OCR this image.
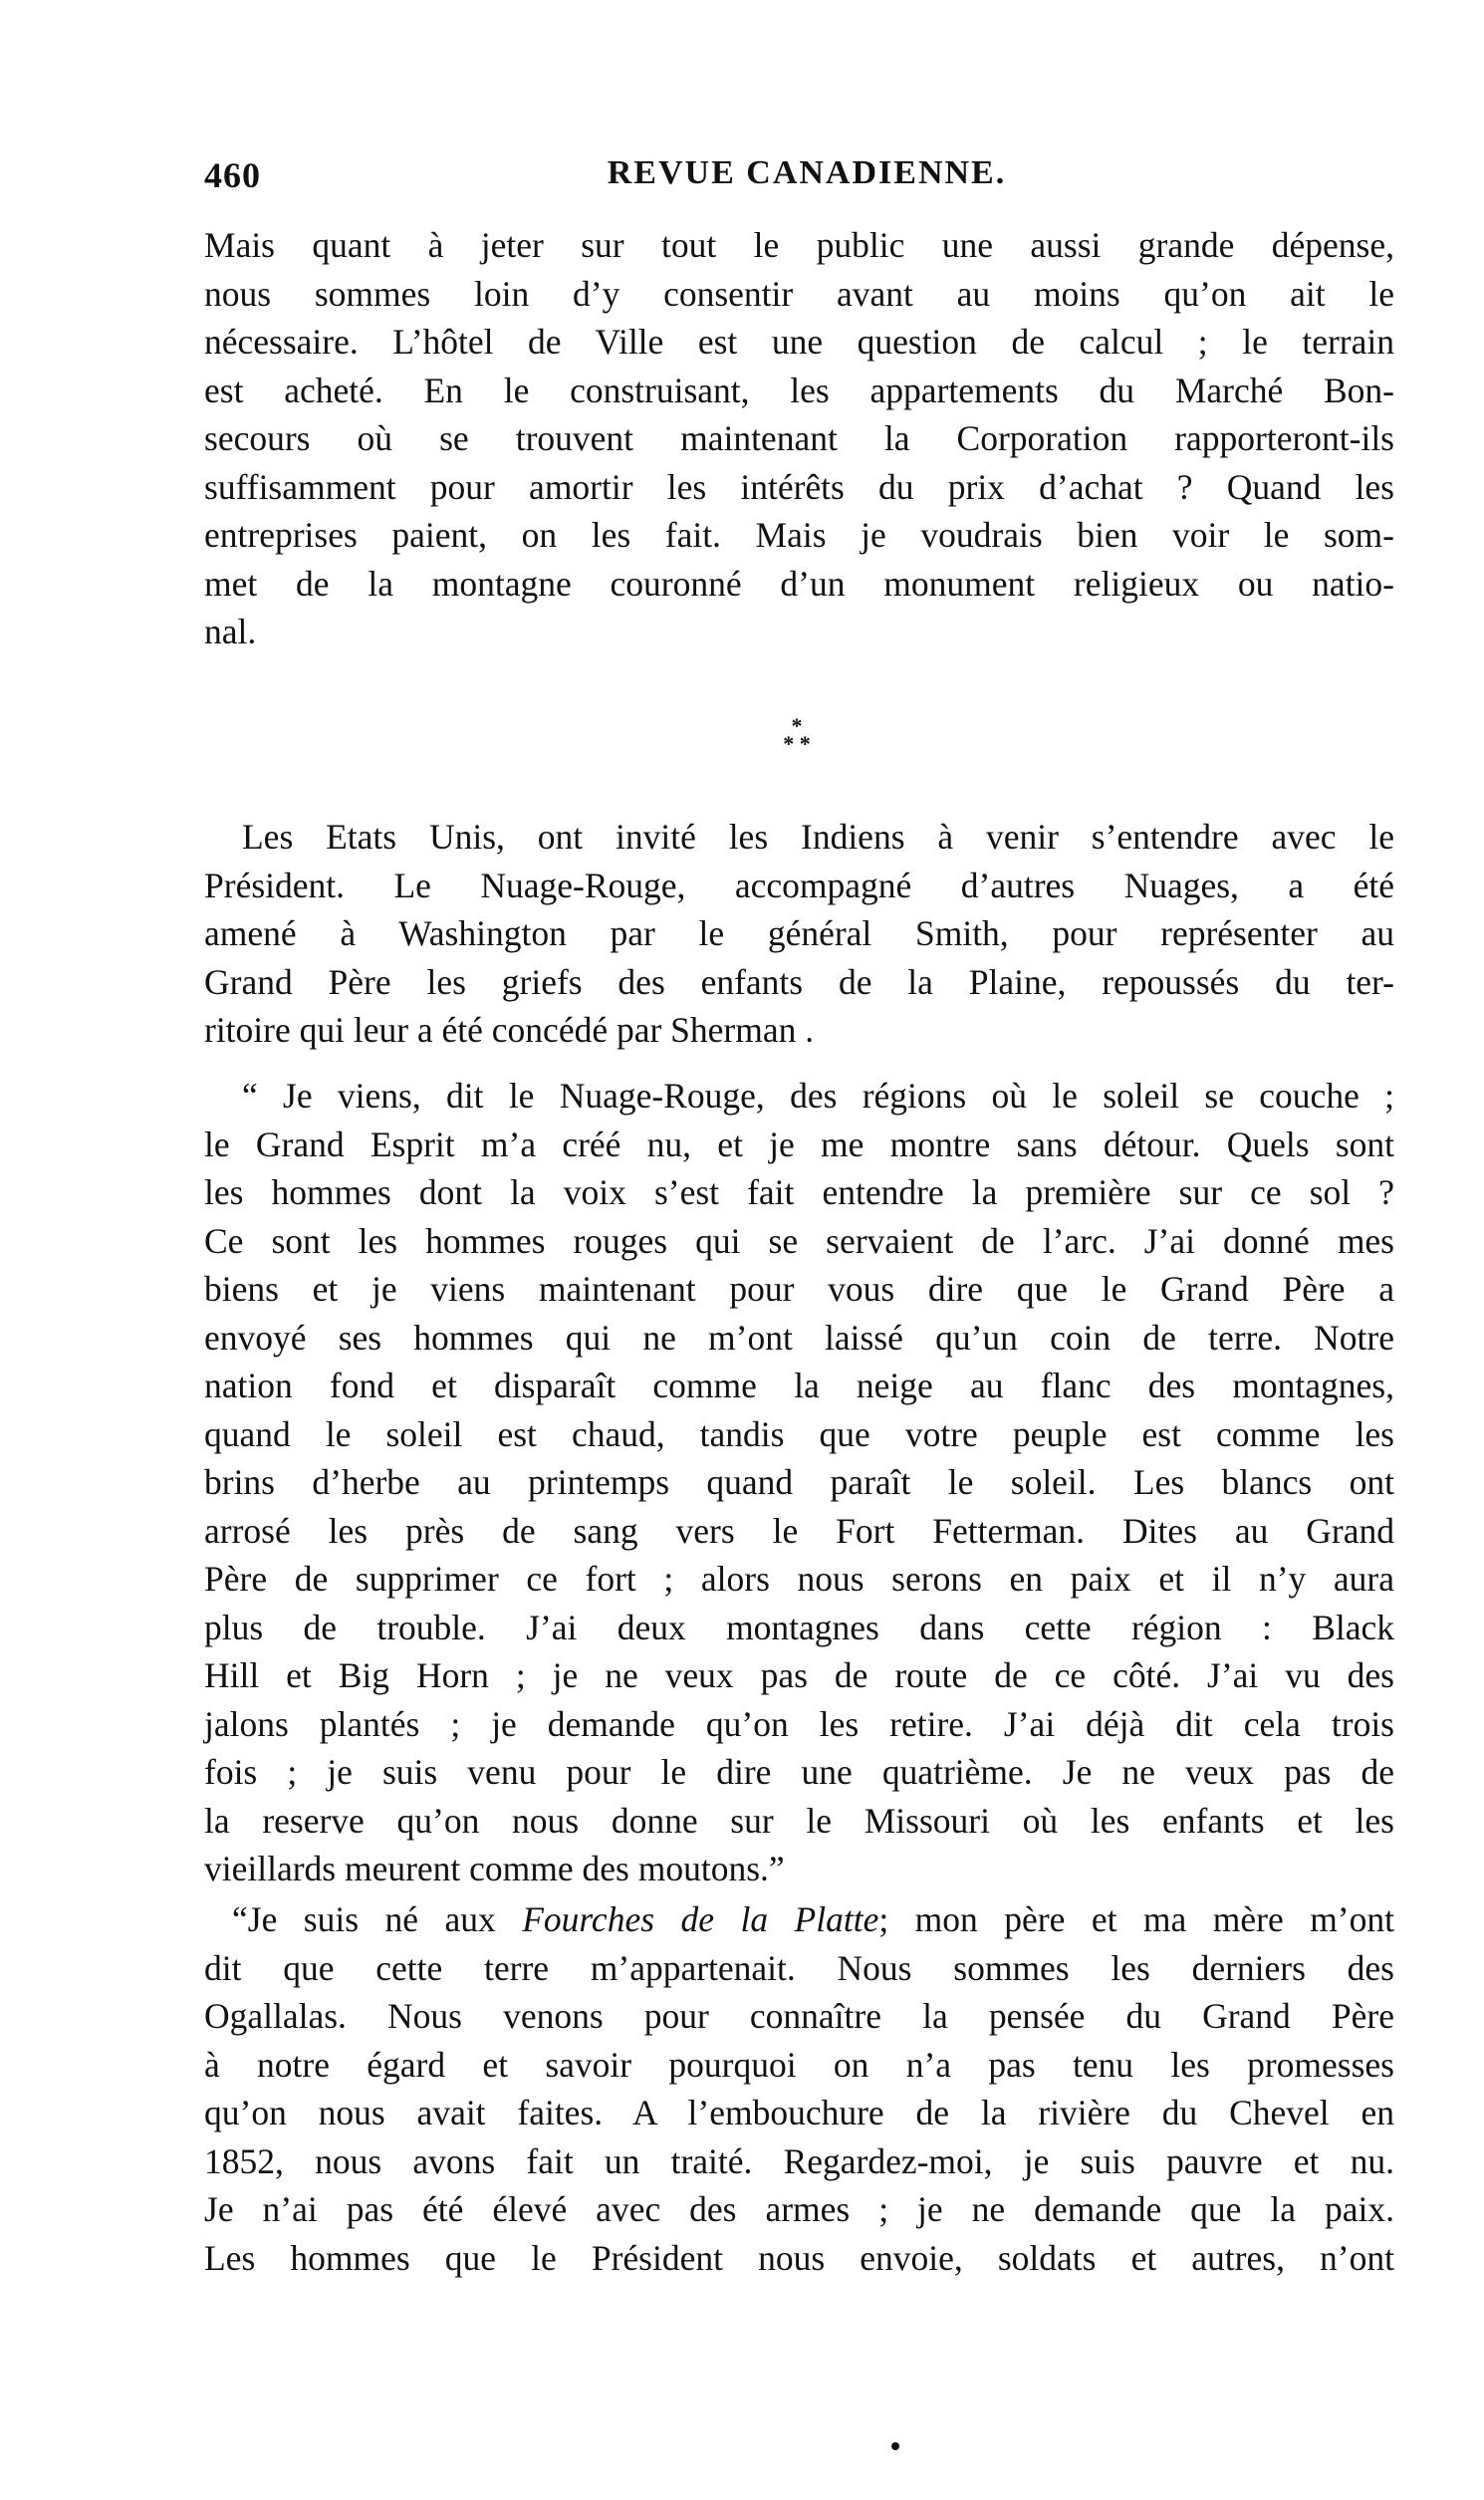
460	REVUE CANADIENNE.
Mais quant à jeter sur tout le public une aussi grande dépense,
nous sommes loin d’y consentir avant au moins qu’on ait le
nécessaire. L’hôtel de Ville est une question de calcul ; le terrain
est acheté. En le construisant, les appartements du Marché Bon-
secours où se trouvent maintenant la Corporation rapporteront-ils
suffisamment pour amortir les intérêts du prix d’achat ? Quand les
entreprises paient, on les fait. Mais je voudrais bien voir le som-
met de la montagne couronné d’un monument religieux ou natio-
nal.
*
* *
Les Etats Unis, ont invité les Indiens à venir s’entendre avec le
Président. Le Nuage-Rouge, accompagné d’autres Nuages, a été
amené à Washington par le général Smith, pour représenter au
Grand Père les griefs des enfants de la Plaine, repoussés du ter-
ritoire qui leur a été concédé par Sherman .
“ Je viens, dit le Nuage-Rouge, des régions où le soleil se couche ;
le Grand Esprit m’a créé nu, et je me montre sans détour. Quels sont
les hommes dont la voix s’est fait entendre la première sur ce sol ?
Ce sont les hommes rouges qui se servaient de l’arc. J’ai donné mes
biens et je viens maintenant pour vous dire que le Grand Père a
envoyé ses hommes qui ne m’ont laissé qu’un coin de terre. Notre
nation fond et disparaît comme la neige au flanc des montagnes,
quand le soleil est chaud, tandis que votre peuple est comme les
brins d’herbe au printemps quand paraît le soleil. Les blancs ont
arrosé les près de sang vers le Fort Fetterman. Dites au Grand
Père de supprimer ce fort ; alors nous serons en paix et il n’y aura
plus de trouble. J’ai deux montagnes dans cette région : Black
Hill et Big Horn ; je ne veux pas de route de ce côté. J’ai vu des
jalons plantés ; je demande qu’on les retire. J’ai déjà dit cela trois
fois ; je suis venu pour le dire une quatrième. Je ne veux pas de
la reserve qu’on nous donne sur le Missouri où les enfants et les
vieillards meurent comme des moutons.”
“Je suis né aux Fourches de la Platte; mon père et ma mère m’ont
dit que cette terre m’appartenait. Nous sommes les derniers des
Ogallalas. Nous venons pour connaître la pensée du Grand Père
à notre égard et savoir pourquoi on n’a pas tenu les promesses
qu’on nous avait faites. A l’embouchure de la rivière du Chevel en
1852, nous avons fait un traité. Regardez-moi, je suis pauvre et nu.
Je n’ai pas été élevé avec des armes ; je ne demande que la paix.
Les hommes que le Président nous envoie, soldats et autres, n’ont
